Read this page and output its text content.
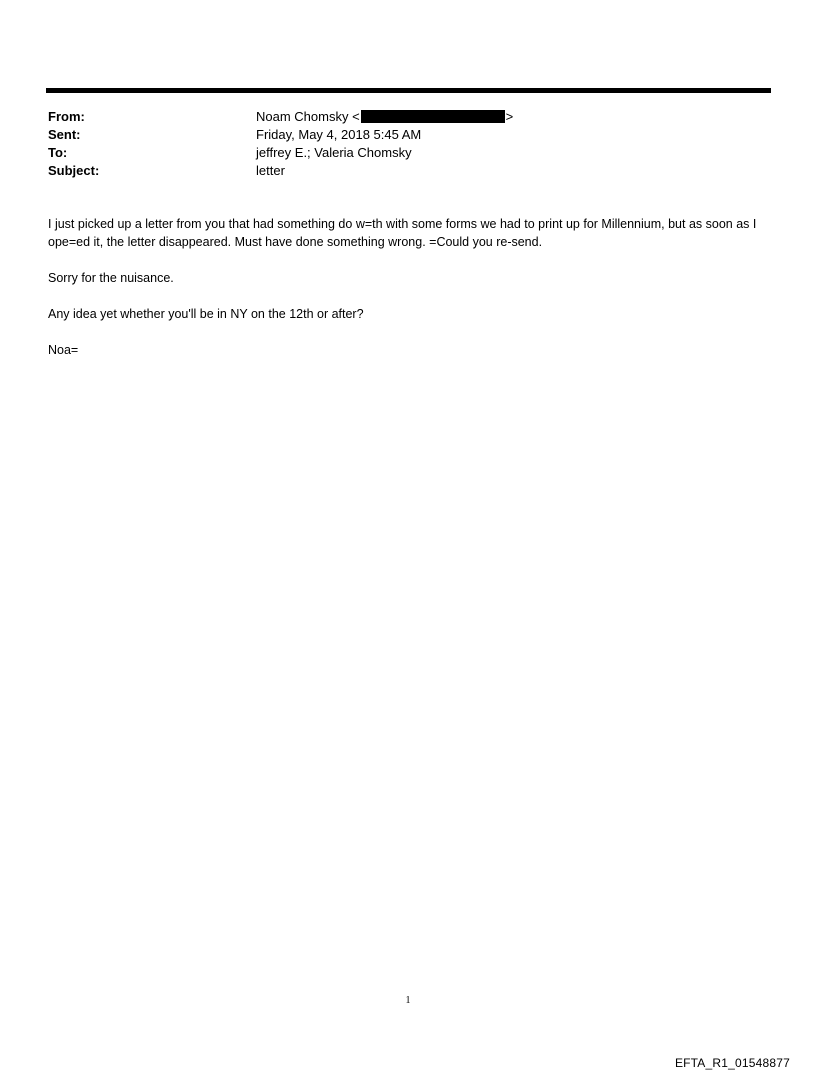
From:	Noam Chomsky <	>
Sent:	Friday, May 4, 2018 5:45 AM
To:	jeffrey E.; Valeria Chomsky
Subject:	letter

I just picked up a letter from you that had something do w=th with some forms we had to print up for Millennium, but as soon as I ope=ed it, the letter disappeared. Must have done something wrong. =Could you re-send.

Sorry for the nuisance.

Any idea yet whether you'll be in NY on the 12th or after?

Noa=

1
EFTA_R1_01548877
